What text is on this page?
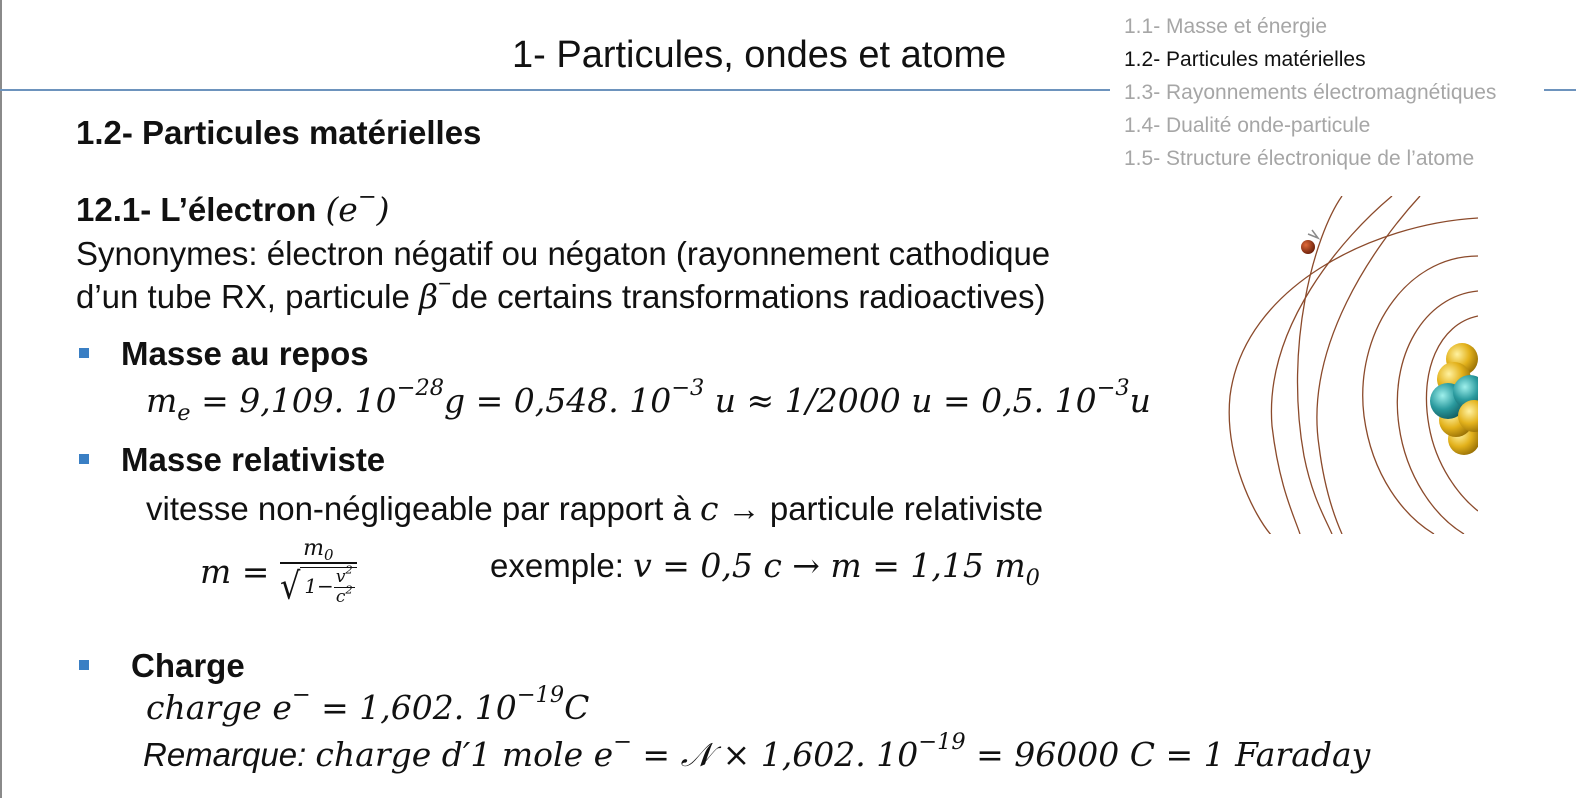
1- Particules, ondes et atome
1.1- Masse et énergie
1.2- Particules matérielles
1.3- Rayonnements électromagnétiques
1.4- Dualité onde-particule
1.5- Structure électronique de l’atome
1.2- Particules matérielles
12.1- L’électron (e−)
Synonymes: électron négatif ou négaton (rayonnement cathodique
d’un tube RX, particule β−de certains transformations radioactives)
Masse au repos
$m_e = 9,109$. $10^{-28}g = 0,548$. $10^{-3}$ u ≈ 1/2000 u = 0,5. $10^{-3}u$
Masse relativiste
vitesse non-négligeable par rapport à c → particule relativiste
$m = \frac{m_0}{√ 1- \frac{v^2}{c^2}}$	exemple: v = 0,5 c → m = 1,15 $m_0$
Charge
charge e− = 1,602. $10^{-19}C$
Remarque: charge d′1 mole e− = 𝒩 × 1,602. $10^{-19} = 96000$ C = 1 Faraday
